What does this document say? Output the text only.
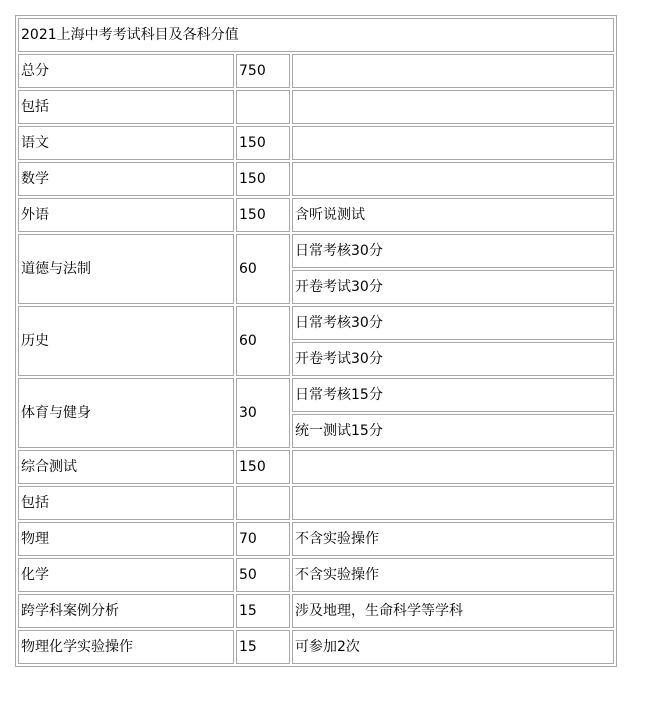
2021上海中考考试科目及各科分值		
总分	750	
包括		
语文	150	
数学	150	
外语	150	含听说测试
道德与法制	60	日常考核30分
		开卷考试30分
历史	60	日常考核30分
		开卷考试30分
体育与健身	30	日常考核15分
		统一测试15分
综合测试	150	
包括		
物理	70	不含实验操作
化学	50	不含实验操作
跨学科案例分析	15	涉及地理，生命科学等学科
物理化学实验操作	15	可参加2次
